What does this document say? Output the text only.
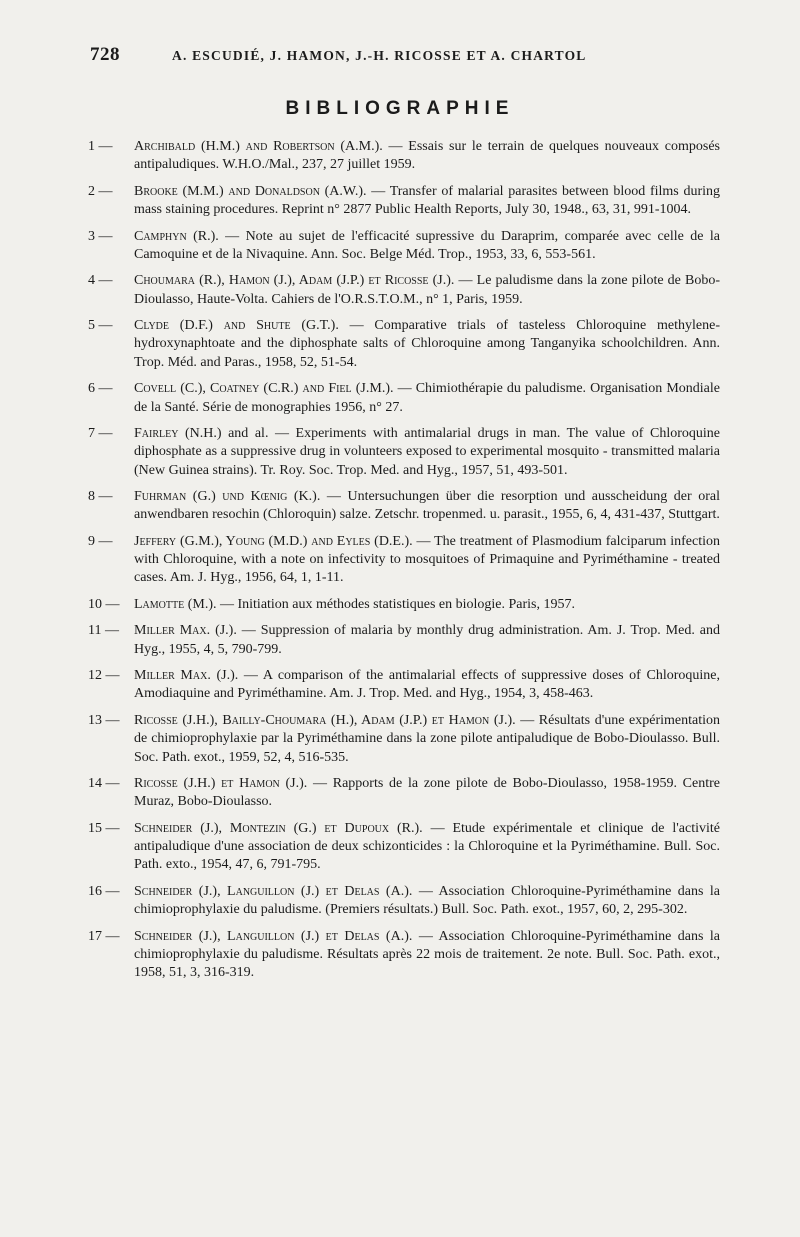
728	A. ESCUDIÉ, J. HAMON, J.-H. RICOSSE ET A. CHARTOL
BIBLIOGRAPHIE
1 —	Archibald (H.M.) and Robertson (A.M.). — Essais sur le terrain de quelques nouveaux composés antipaludiques. W.H.O./Mal., 237, 27 juillet 1959.
2 —	Brooke (M.M.) and Donaldson (A.W.). — Transfer of malarial parasites between blood films during mass staining procedures. Reprint n° 2877 Public Health Reports, July 30, 1948., 63, 31, 991-1004.
3 —	Camphyn (R.). — Note au sujet de l'efficacité supressive du Daraprim, comparée avec celle de la Camoquine et de la Nivaquine. Ann. Soc. Belge Méd. Trop., 1953, 33, 6, 553-561.
4 —	Choumara (R.), Hamon (J.), Adam (J.P.) et Ricosse (J.). — Le paludisme dans la zone pilote de Bobo-Dioulasso, Haute-Volta. Cahiers de l'O.R.S.T.O.M., n° 1, Paris, 1959.
5 —	Clyde (D.F.) and Shute (G.T.). — Comparative trials of tasteless Chloroquine methylene-hydroxynaphtoate and the diphosphate salts of Chloroquine among Tanganyika schoolchildren. Ann. Trop. Méd. and Paras., 1958, 52, 51-54.
6 —	Covell (C.), Coatney (C.R.) and Fiel (J.M.). — Chimiothérapie du paludisme. Organisation Mondiale de la Santé. Série de monographies 1956, n° 27.
7 —	Fairley (N.H.) and al. — Experiments with antimalarial drugs in man. The value of Chloroquine diphosphate as a suppressive drug in volunteers exposed to experimental mosquito - transmitted malaria (New Guinea strains). Tr. Roy. Soc. Trop. Med. and Hyg., 1957, 51, 493-501.
8 —	Fuhrman (G.) und Kœnig (K.). — Untersuchungen über die resorption und ausscheidung der oral anwendbaren resochin (Chloroquin) salze. Zetschr. tropenmed. u. parasit., 1955, 6, 4, 431-437, Stuttgart.
9 —	Jeffery (G.M.), Young (M.D.) and Eyles (D.E.). — The treatment of Plasmodium falciparum infection with Chloroquine, with a note on infectivity to mosquitoes of Primaquine and Pyriméthamine - treated cases. Am. J. Hyg., 1956, 64, 1, 1-11.
10 —	Lamotte (M.). — Initiation aux méthodes statistiques en biologie. Paris, 1957.
11 —	Miller Max. (J.). — Suppression of malaria by monthly drug administration. Am. J. Trop. Med. and Hyg., 1955, 4, 5, 790-799.
12 —	Miller Max. (J.). — A comparison of the antimalarial effects of suppressive doses of Chloroquine, Amodiaquine and Pyriméthamine. Am. J. Trop. Med. and Hyg., 1954, 3, 458-463.
13 —	Ricosse (J.H.), Bailly-Choumara (H.), Adam (J.P.) et Hamon (J.). — Résultats d'une expérimentation de chimioprophylaxie par la Pyriméthamine dans la zone pilote antipaludique de Bobo-Dioulasso. Bull. Soc. Path. exot., 1959, 52, 4, 516-535.
14 —	Ricosse (J.H.) et Hamon (J.). — Rapports de la zone pilote de Bobo-Dioulasso, 1958-1959. Centre Muraz, Bobo-Dioulasso.
15 —	Schneider (J.), Montezin (G.) et Dupoux (R.). — Etude expérimentale et clinique de l'activité antipaludique d'une association de deux schizonticides : la Chloroquine et la Pyriméthamine. Bull. Soc. Path. exto., 1954, 47, 6, 791-795.
16 —	Schneider (J.), Languillon (J.) et Delas (A.). — Association Chloroquine-Pyriméthamine dans la chimioprophylaxie du paludisme. (Premiers résultats.) Bull. Soc. Path. exot., 1957, 60, 2, 295-302.
17 —	Schneider (J.), Languillon (J.) et Delas (A.). — Association Chloroquine-Pyriméthamine dans la chimioprophylaxie du paludisme. Résultats après 22 mois de traitement. 2e note. Bull. Soc. Path. exot., 1958, 51, 3, 316-319.
